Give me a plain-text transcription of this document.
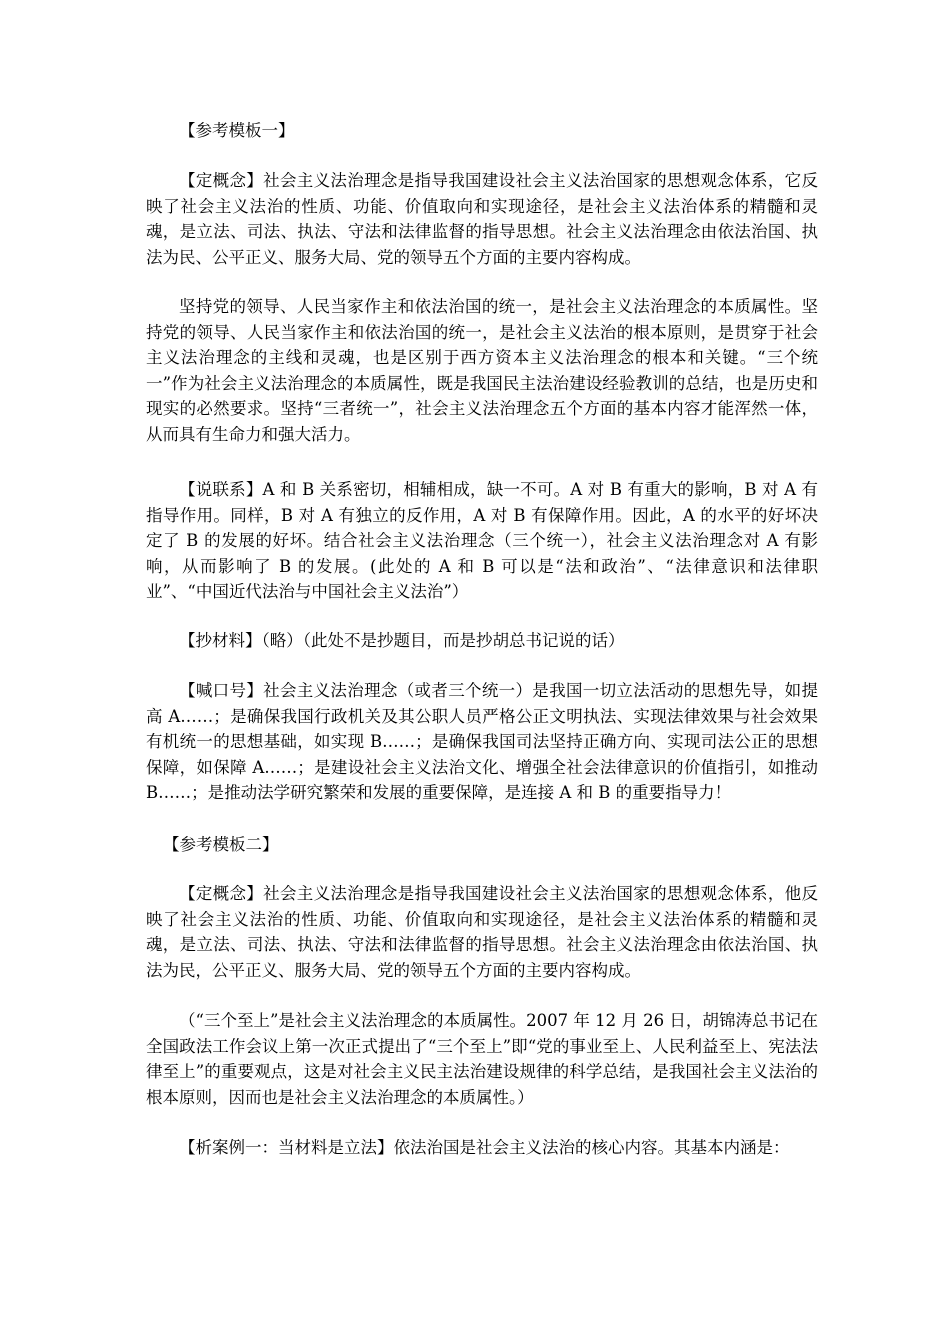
【参考模板一】

【定概念】社会主义法治理念是指导我国建设社会主义法治国家的思想观念体系，它反映了社会主义法治的性质、功能、价值取向和实现途径，是社会主义法治体系的精髓和灵魂，是立法、司法、执法、守法和法律监督的指导思想。社会主义法治理念由依法治国、执法为民、公平正义、服务大局、党的领导五个方面的主要内容构成。

坚持党的领导、人民当家作主和依法治国的统一，是社会主义法治理念的本质属性。坚持党的领导、人民当家作主和依法治国的统一，是社会主义法治的根本原则，是贯穿于社会主义法治理念的主线和灵魂，也是区别于西方资本主义法治理念的根本和关键。“三个统一”作为社会主义法治理念的本质属性，既是我国民主法治建设经验教训的总结，也是历史和现实的必然要求。坚持“三者统一”，社会主义法治理念五个方面的基本内容才能浑然一体，从而具有生命力和强大活力。

【说联系】A 和 B 关系密切，相辅相成，缺一不可。A 对 B 有重大的影响，B 对 A 有指导作用。同样，B 对 A 有独立的反作用，A 对 B 有保障作用。因此，A 的水平的好坏决定了 B 的发展的好坏。结合社会主义法治理念（三个统一），社会主义法治理念对 A 有影响，从而影响了 B 的发展。(此处的 A 和 B 可以是“法和政治”、“法律意识和法律职业”、“中国近代法治与中国社会主义法治”）

【抄材料】（略）（此处不是抄题目，而是抄胡总书记说的话）

【喊口号】社会主义法治理念（或者三个统一）是我国一切立法活动的思想先导，如提高 A……；是确保我国行政机关及其公职人员严格公正文明执法、实现法律效果与社会效果有机统一的思想基础，如实现 B……；是确保我国司法坚持正确方向、实现司法公正的思想保障，如保障 A……；是建设社会主义法治文化、增强全社会法律意识的价值指引，如推动 B……；是推动法学研究繁荣和发展的重要保障，是连接 A 和 B 的重要指导力！

【参考模板二】

【定概念】社会主义法治理念是指导我国建设社会主义法治国家的思想观念体系，他反映了社会主义法治的性质、功能、价值取向和实现途径，是社会主义法治体系的精髓和灵魂，是立法、司法、执法、守法和法律监督的指导思想。社会主义法治理念由依法治国、执法为民，公平正义、服务大局、党的领导五个方面的主要内容构成。

（“三个至上”是社会主义法治理念的本质属性。2007 年 12 月 26 日，胡锦涛总书记在全国政法工作会议上第一次正式提出了“三个至上”即“党的事业至上、人民利益至上、宪法法律至上”的重要观点，这是对社会主义民主法治建设规律的科学总结，是我国社会主义法治的根本原则，因而也是社会主义法治理念的本质属性。）

【析案例一：当材料是立法】依法治国是社会主义法治的核心内容。其基本内涵是：
